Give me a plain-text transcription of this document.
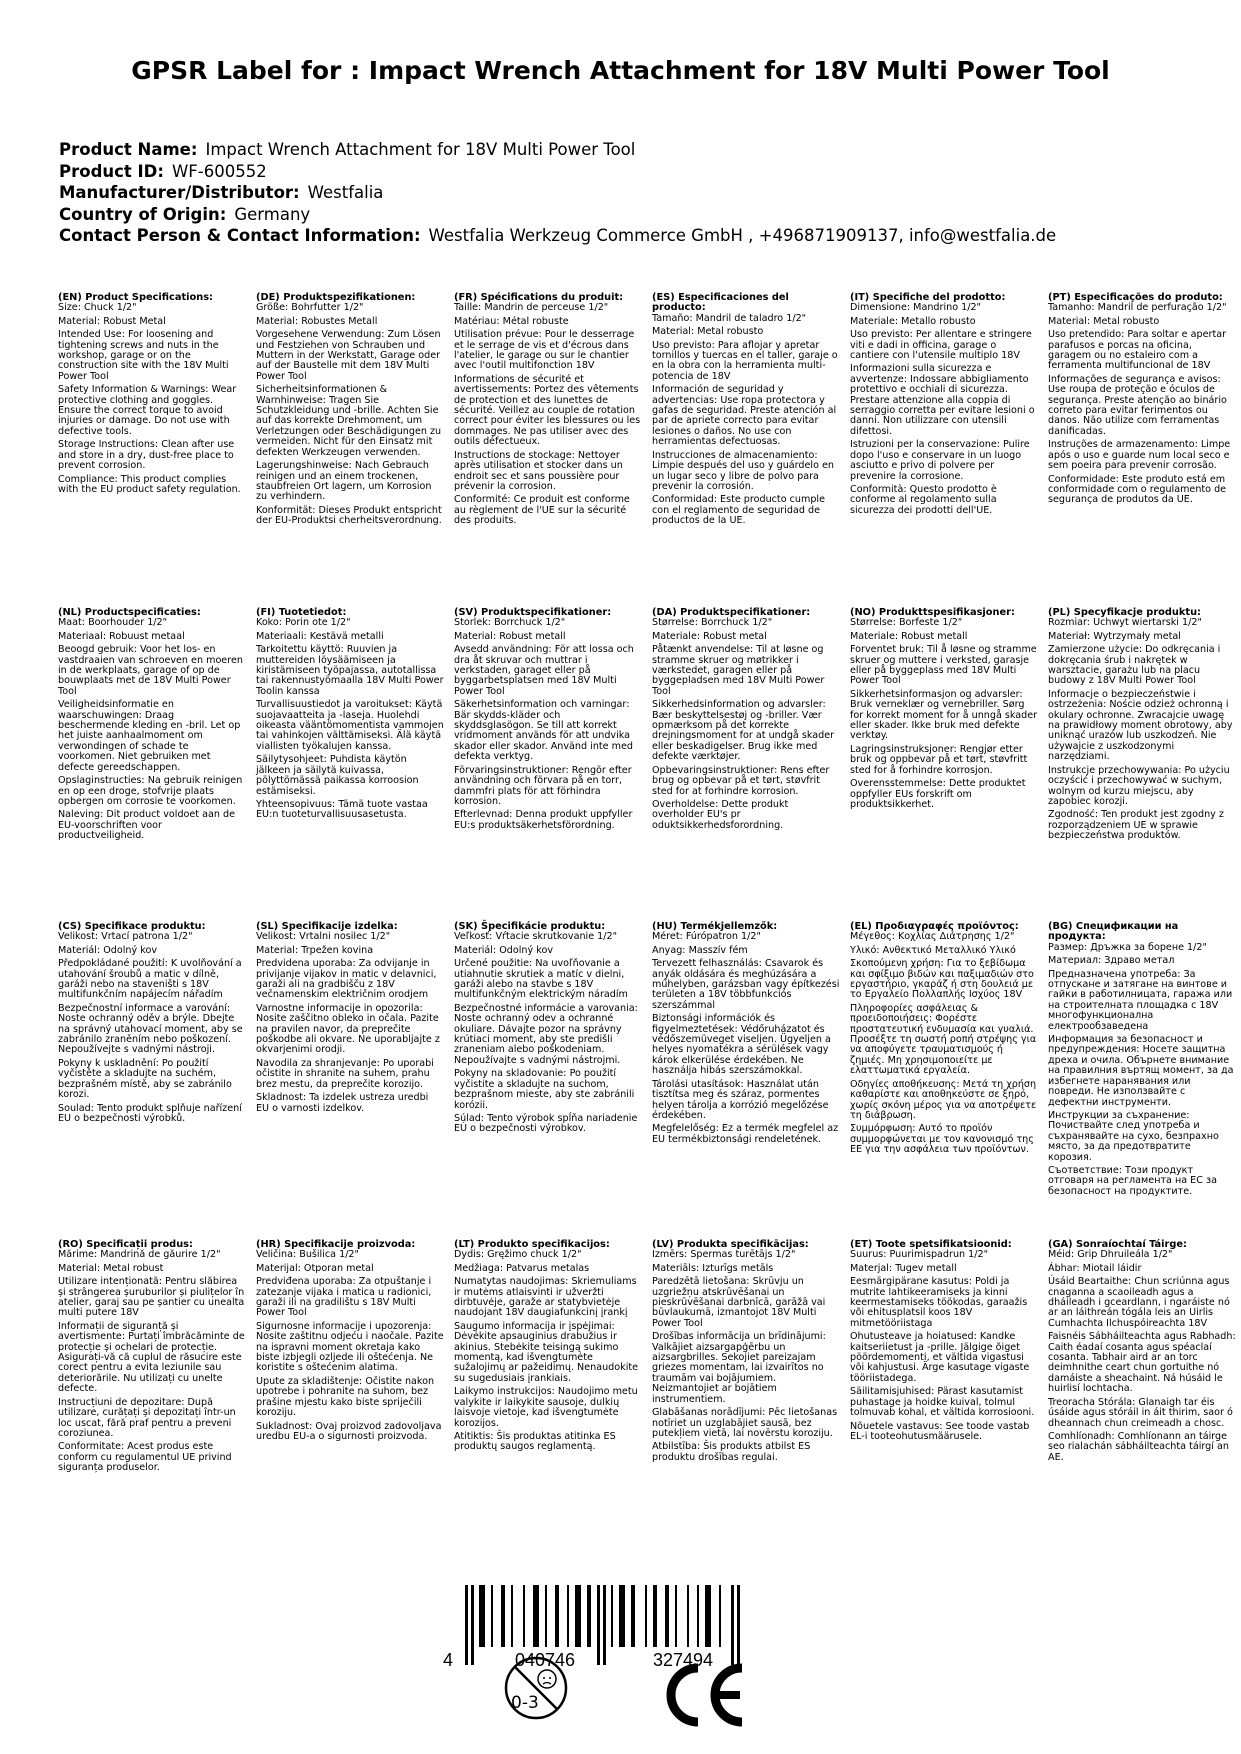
GPSR Label for : Impact Wrench Attachment for 18V Multi Power Tool
Product Name: Impact Wrench Attachment for 18V Multi Power Tool
Product ID: WF-600552
Manufacturer/Distributor: Westfalia
Country of Origin: Germany
Contact Person & Contact Information: Westfalia Werkzeug Commerce GmbH , +496871909137, info@westfalia.de
(EN) Product Specifications:

Size: Chuck 1/2"

Material: Robust Metal

Intended Use: For loosening and tightening screws and nuts in the workshop, garage or on the construction site with the 18V Multi Power Tool

Safety Information & Warnings: Wear protective clothing and goggles. Ensure the correct torque to avoid injuries or damage. Do not use with defective tools.

Storage Instructions: Clean after use and store in a dry, dust-free place to prevent corrosion.

Compliance: This product complies with the EU product safety regulation.

(DE) Produktspezifikationen:

Größe: Bohrfutter 1/2"

Material: Robustes Metall

Vorgesehene Verwendung: Zum Lösen und Festziehen von Schrauben und Muttern in der Werkstatt, Garage oder auf der Baustelle mit dem 18V Multi Power Tool

Sicherheitsinformationen & Warnhinweise: Tragen Sie Schutzkleidung und -brille. Achten Sie auf das korrekte Drehmoment, um Verletzungen oder Beschädigungen zu vermeiden. Nicht für den Einsatz mit defekten Werkzeugen verwenden.

Lagerungshinweise: Nach Gebrauch reinigen und an einem trockenen, staubfreien Ort lagern, um Korrosion zu verhindern.

Konformität: Dieses Produkt entspricht der EU-Produktsi cherheitsverordnung.

(FR) Spécifications du produit:

Taille: Mandrin de perceuse 1/2"

Matériau: Métal robuste

Utilisation prévue: Pour le desserrage et le serrage de vis et d'écrous dans l'atelier, le garage ou sur le chantier avec l'outil multifonction 18V

Informations de sécurité et avertissements: Portez des vêtements de protection et des lunettes de sécurité. Veillez au couple de rotation correct pour éviter les blessures ou les dommages. Ne pas utiliser avec des outils défectueux.

Instructions de stockage: Nettoyer après utilisation et stocker dans un endroit sec et sans poussière pour prévenir la corrosion.

Conformité: Ce produit est conforme au règlement de l'UE sur la sécurité des produits.

(ES) Especificaciones del producto:

Tamaño: Mandril de taladro 1/2"

Material: Metal robusto

Uso previsto: Para aflojar y apretar tornillos y tuercas en el taller, garaje o en la obra con la herramienta multi-potencia de 18V

Información de seguridad y advertencias: Use ropa protectora y gafas de seguridad. Preste atención al par de apriete correcto para evitar lesiones o daños. No use con herramientas defectuosas.

Instrucciones de almacenamiento: Limpie después del uso y guárdelo en un lugar seco y libre de polvo para prevenir la corrosión.

Conformidad: Este producto cumple con el reglamento de seguridad de productos de la UE.

(IT) Specifiche del prodotto:

Dimensione: Mandrino 1/2"

Materiale: Metallo robusto

Uso previsto: Per allentare e stringere viti e dadi in officina, garage o cantiere con l'utensile multiplo 18V

Informazioni sulla sicurezza e avvertenze: Indossare abbigliamento protettivo e occhiali di sicurezza. Prestare attenzione alla coppia di serraggio corretta per evitare lesioni o danni. Non utilizzare con utensili difettosi.

Istruzioni per la conservazione: Pulire dopo l'uso e conservare in un luogo asciutto e privo di polvere per prevenire la corrosione.

Conformità: Questo prodotto è conforme al regolamento sulla sicurezza dei prodotti dell'UE.

(PT) Especificações do produto:

Tamanho: Mandril de perfuração 1/2"

Material: Metal robusto

Uso pretendido: Para soltar e apertar parafusos e porcas na oficina, garagem ou no estaleiro com a ferramenta multifuncional de 18V

Informações de segurança e avisos: Use roupa de proteção e óculos de segurança. Preste atenção ao binário correto para evitar ferimentos ou danos. Não utilize com ferramentas danificadas.

Instruções de armazenamento: Limpe após o uso e guarde num local seco e sem poeira para prevenir corrosão.

Conformidade: Este produto está em conformidade com o regulamento de segurança de produtos da UE.

(NL) Productspecificaties:

Maat: Boorhouder 1/2"

Materiaal: Robuust metaal

Beoogd gebruik: Voor het los- en vastdraaien van schroeven en moeren in de werkplaats, garage of op de bouwplaats met de 18V Multi Power Tool

Veiligheidsinformatie en waarschuwingen: Draag beschermende kleding en -bril. Let op het juiste aanhaalmoment om verwondingen of schade te voorkomen. Niet gebruiken met defecte gereedschappen.

Opslaginstructies: Na gebruik reinigen en op een droge, stofvrije plaats opbergen om corrosie te voorkomen.

Naleving: Dit product voldoet aan de EU-voorschriften voor productveiligheid.

(FI) Tuotetiedot:

Koko: Porin ote 1/2"

Materiaali: Kestävä metalli

Tarkoitettu käyttö: Ruuvien ja muttereiden löysäämiseen ja kiristämiseen työpajassa, autotallissa tai rakennustyömaalla 18V Multi Power Toolin kanssa

Turvallisuustiedot ja varoitukset: Käytä suojavaatteita ja -laseja. Huolehdi oikeasta vääntömomentista vammojen tai vahinkojen välttämiseksi. Älä käytä viallisten työkalujen kanssa.

Säilytysohjeet: Puhdista käytön jälkeen ja säilytä kuivassa, pölyttömässä paikassa korroosion estämiseksi.

Yhteensopivuus: Tämä tuote vastaa EU:n tuoteturvallisuusasetusta.

(SV) Produktspecifikationer:

Storlek: Borrchuck 1/2"

Material: Robust metall

Avsedd användning: För att lossa och dra åt skruvar och muttrar i verkstaden, garaget eller på byggarbetsplatsen med 18V Multi Power Tool

Säkerhetsinformation och varningar: Bär skydds-kläder och skyddsglasögon. Se till att korrekt vridmoment används för att undvika skador eller skador. Använd inte med defekta verktyg.

Förvaringsinstruktioner: Rengör efter användning och förvara på en torr, dammfri plats för att förhindra korrosion.

Efterlevnad: Denna produkt uppfyller EU:s produktsäkerhetsförordning.

(DA) Produktspecifikationer:

Størrelse: Borrchuck 1/2"

Materiale: Robust metal

Påtænkt anvendelse: Til at løsne og stramme skruer og møtrikker i værkstedet, garagen eller på byggepladsen med 18V Multi Power Tool

Sikkerhedsinformation og advarsler: Bær beskyttelsestøj og -briller. Vær opmærksom på det korrekte drejningsmoment for at undgå skader eller beskadigelser. Brug ikke med defekte værktøjer.

Opbevaringsinstruktioner: Rens efter brug og opbevar på et tørt, støvfrit sted for at forhindre korrosion.

Overholdelse: Dette produkt overholder EU's pr oduktsikkerhedsforordning.

(NO) Produkttspesifikasjoner:

Størrelse: Borfeste 1/2"

Materiale: Robust metall

Forventet bruk: Til å løsne og stramme skruer og muttere i verksted, garasje eller på byggeplass med 18V Multi Power Tool

Sikkerhetsinformasjon og advarsler: Bruk verneklær og vernebriller. Sørg for korrekt moment for å unngå skader eller skader. Ikke bruk med defekte verktøy.

Lagringsinstruksjoner: Rengjør etter bruk og oppbevar på et tørt, støvfritt sted for å forhindre korrosjon.

Overensstemmelse: Dette produktet oppfyller EUs forskrift om produktsikkerhet.

(PL) Specyfikacje produktu:

Rozmiar: Uchwyt wiertarski 1/2"

Materiał: Wytrzymały metal

Zamierzone użycie: Do odkręcania i dokręcania śrub i nakrętek w warsztacie, garażu lub na placu budowy z 18V Multi Power Tool

Informacje o bezpieczeństwie i ostrzeżenia: Noście odzież ochronną i okulary ochronne. Zwracajcie uwagę na prawidłowy moment obrotowy, aby uniknąć urazów lub uszkodzeń. Nie używajcie z uszkodzonymi narzędziami.

Instrukcje przechowywania: Po użyciu oczyścić i przechowywać w suchym, wolnym od kurzu miejscu, aby zapobiec korozji.

Zgodność: Ten produkt jest zgodny z rozporządzeniem UE w sprawie bezpieczeństwa produktów.

(CS) Specifikace produktu:

Velikost: Vrtací patrona 1/2"

Materiál: Odolný kov

Předpokládané použití: K uvolňování a utahování šroubů a matic v dílně, garáži nebo na staveništi s 18V multifunkčním napájecím nářadím

Bezpečnostní informace a varování: Noste ochranný oděv a brýle. Dbejte na správný utahovací moment, aby se zabránilo zraněním nebo poškození. Nepoužívejte s vadnými nástroji.

Pokyny k uskladnění: Po použití vyčistěte a skladujte na suchém, bezprašném místě, aby se zabránilo korozi.

Soulad: Tento produkt splňuje nařízení EU o bezpečnosti výrobků.

(SL) Specifikacije izdelka:

Velikost: Vrtalni nosilec 1/2"

Material: Trpežen kovina

Predvidena uporaba: Za odvijanje in privijanje vijakov in matic v delavnici, garaži ali na gradbišču z 18V večnamenskim električnim orodjem

Varnostne informacije in opozorila: Nosite zaščitno obleko in očala. Pazite na pravilen navor, da preprečite poškodbe ali okvare. Ne uporabljajte z okvarjenimi orodji.

Navodila za shranjevanje: Po uporabi očistite in shranite na suhem, prahu brez mestu, da preprečite korozijo.

Skladnost: Ta izdelek ustreza uredbi EU o varnosti izdelkov.

(SK) Špecifikácie produktu:

Veľkosť: Vŕtacie skrutkovanie 1/2"

Materiál: Odolný kov

Určené použitie: Na uvoľňovanie a utiahnutie skrutiek a matíc v dielni, garáži alebo na stavbe s 18V multifunkčným elektrickým náradím

Bezpečnostné informácie a varovania: Noste ochranný odev a ochranné okuliare. Dávajte pozor na správny krútiaci moment, aby ste predišli zraneniam alebo poškodeniam. Nepoužívajte s vadnými nástrojmi.

Pokyny na skladovanie: Po použití vyčistite a skladujte na suchom, bezprašnom mieste, aby ste zabránili korózii.

Súlad: Tento výrobok spĺňa nariadenie EÚ o bezpečnosti výrobkov.

(HU) Termékjellemzők:

Méret: Fúrópatron 1/2"

Anyag: Masszív fém

Tervezett felhasználás: Csavarok és anyák oldására és meghúzására a műhelyben, garázsban vagy építkezési területen a 18V többfunkciós szerszámmal

Biztonsági információk és figyelmeztetések: Védőruházatot és védőszemüveget viseljen. Ügyeljen a helyes nyomatékra a sérülések vagy károk elkerülése érdekében. Ne használja hibás szerszámokkal.

Tárolási utasítások: Használat után tisztítsa meg és száraz, pormentes helyen tárolja a korrózió megelőzése érdekében.

Megfelelőség: Ez a termék megfelel az EU termékbiztonsági rendeletének.

(EL) Προδιαγραφές προϊόντος:

Μέγεθος: Κοχλίας Διάτρησης 1/2"

Υλικό: Ανθεκτικό Μεταλλικό Υλικό

Σκοπούμενη χρήση: Για το ξεβίδωμα και σφίξιμο βιδών και παξιμαδιών στο εργαστήριο, γκαράζ ή στη δουλειά με το Εργαλείο Πολλαπλής Ισχύος 18V

Πληροφορίες ασφάλειας & προειδοποιήσεις: Φορέστε προστατευτική ενδυμασία και γυαλιά. Προσέξτε τη σωστή ροπή στρέψης για να αποφύγετε τραυματισμούς ή ζημιές. Μη χρησιμοποιείτε με ελαττωματικά εργαλεία.

Οδηγίες αποθήκευσης: Μετά τη χρήση καθαρίστε και αποθηκεύστε σε ξηρό, χωρίς σκόνη μέρος για να αποτρέψετε τη διάβρωση.

Συμμόρφωση: Αυτό το προϊόν συμμορφώνεται με τον κανονισμό της ΕΕ για την ασφάλεια των προϊόντων.

(BG) Спецификации на продукта:

Размер: Дръжка за борене 1/2"

Материал: Здраво метал

Предназначена употреба: За отпускане и затягане на винтове и гайки в работилницата, гаража или на строителната площадка с 18V многофункционална електрообзаведена

Информация за безопасност и предупреждения: Носете защитна дреха и очила. Обърнете внимание на правилния въртящ момент, за да избегнете наранявания или повреди. Не използвайте с дефектни инструменти.

Инструкции за съхранение: Почиствайте след употреба и съхранявайте на сухо, безпрахно място, за да предотвратите корозия.

Съответствие: Този продукт отговаря на регламента на ЕС за безопасност на продуктите.

(RO) Specificații produs:

Mărime: Mandrină de găurire 1/2"

Material: Metal robust

Utilizare intenționată: Pentru slăbirea și strângerea șuruburilor și piulițelor în atelier, garaj sau pe șantier cu unealta multi putere 18V

Informații de siguranță și avertismente: Purtați îmbrăcăminte de protecție și ochelari de protecție. Asigurați-vă că cuplul de răsucire este corect pentru a evita leziunile sau deteriorările. Nu utilizați cu unelte defecte.

Instrucțiuni de depozitare: După utilizare, curățați și depozitați într-un loc uscat, fără praf pentru a preveni coroziunea.

Conformitate: Acest produs este conform cu regulamentul UE privind siguranța produselor.

(HR) Specifikacije proizvoda:

Veličina: Bušilica 1/2"

Materijal: Otporan metal

Predviđena uporaba: Za otpuštanje i zatezanje vijaka i matica u radionici, garaži ili na gradilištu s 18V Multi Power Tool

Sigurnosne informacije i upozorenja: Nosite zaštitnu odjeću i naočale. Pazite na ispravni moment okretaja kako biste izbjegli ozljede ili oštećenja. Ne koristite s oštećenim alatima.

Upute za skladištenje: Očistite nakon upotrebe i pohranite na suhom, bez prašine mjestu kako biste spriječili koroziju.

Sukladnost: Ovaj proizvod zadovoljava uredbu EU-a o sigurnosti proizvoda.

(LT) Produkto specifikacijos:

Dydis: Gręžimo chuck 1/2"

Medžiaga: Patvarus metalas

Numatytas naudojimas: Skriemuliams ir mutėms atlaisvinti ir užveržti dirbtuvėje, garaže ar statybvietėje naudojant 18V daugiafunkcinį įrankį

Saugumo informacija ir įspėjimai: Dėvėkite apsauginius drabužius ir akinius. Stebėkite teisingą sukimo momentą, kad išvengtumėte sužalojimų ar pažeidimų. Nenaudokite su sugedusiais įrankiais.

Laikymo instrukcijos: Naudojimo metu valykite ir laikykite sausoje, dulkių laisvoje vietoje, kad išvengtumėte korozijos.

Atitiktis: Šis produktas atitinka ES produktų saugos reglamentą.

(LV) Produkta specifikācijas:

Izmērs: Spermas turētājs 1/2"

Materiāls: Izturīgs metāls

Paredzētā lietošana: Skrūvju un uzgriežņu atskrūvēšanai un pieskrūvēšanai darbnīcā, garāžā vai būvlaukumā, izmantojot 18V Multi Power Tool

Drošības informācija un brīdinājumi: Valkājiet aizsargapģērbu un aizsargbrilles. Sekojiet pareizajam griezes momentam, lai izvairītos no traumām vai bojājumiem. Neizmantojiet ar bojātiem instrumentiem.

Glabāšanas norādījumi: Pēc lietošanas notīriet un uzglabājiet sausā, bez putekļiem vietā, lai novērstu koroziju.

Atbilstība: Šis produkts atbilst ES produktu drošības regulai.

(ET) Toote spetsifikatsioonid:

Suurus: Puurimispadrun 1/2"

Materjal: Tugev metall

Eesmärgipärane kasutus: Poldi ja mutrite lahtikeeramiseks ja kinni keermestamiseks töökodas, garaažis või ehitusplatsil koos 18V mitmetööriistaga

Ohutusteave ja hoiatused: Kandke kaitseriietust ja -prille. Jälgige õiget pöördemomenti, et vältida vigastusi või kahjustusi. Ärge kasutage vigaste tööriistadega.

Säilitamisjuhised: Pärast kasutamist puhastage ja hoidke kuival, tolmul tolmuvab kohal, et vältida korrosiooni.

Nõuetele vastavus: See toode vastab EL-i tooteohutusmäärusele.

(GA) Sonraíochtaí Táirge:

Méid: Grip Dhruileála 1/2"

Ábhar: Miotail láidir

Úsáid Beartaithe: Chun scriúnna agus cnaganna a scaoileadh agus a dháileadh i gceardlann, i ngaráiste nó ar an láithreán tógála leis an Uirlis Cumhachta Ilchuspóireachta 18V

Faisnéis Sábháilteachta agus Rabhadh: Caith éadaí cosanta agus spéaclaí cosanta. Tabhair aird ar an torc deimhnithe ceart chun gortuithe nó damáiste a sheachaint. Ná húsáid le huirlisí lochtacha.

Treoracha Stórála: Glanaigh tar éis úsáide agus stóráil in áit thirim, saor ó dheannach chun creimeadh a chosc.

Comhlíonadh: Comhlíonann an táirge seo rialachán sábháilteachta táirgí an AE.

4	040746	327494
0-3
